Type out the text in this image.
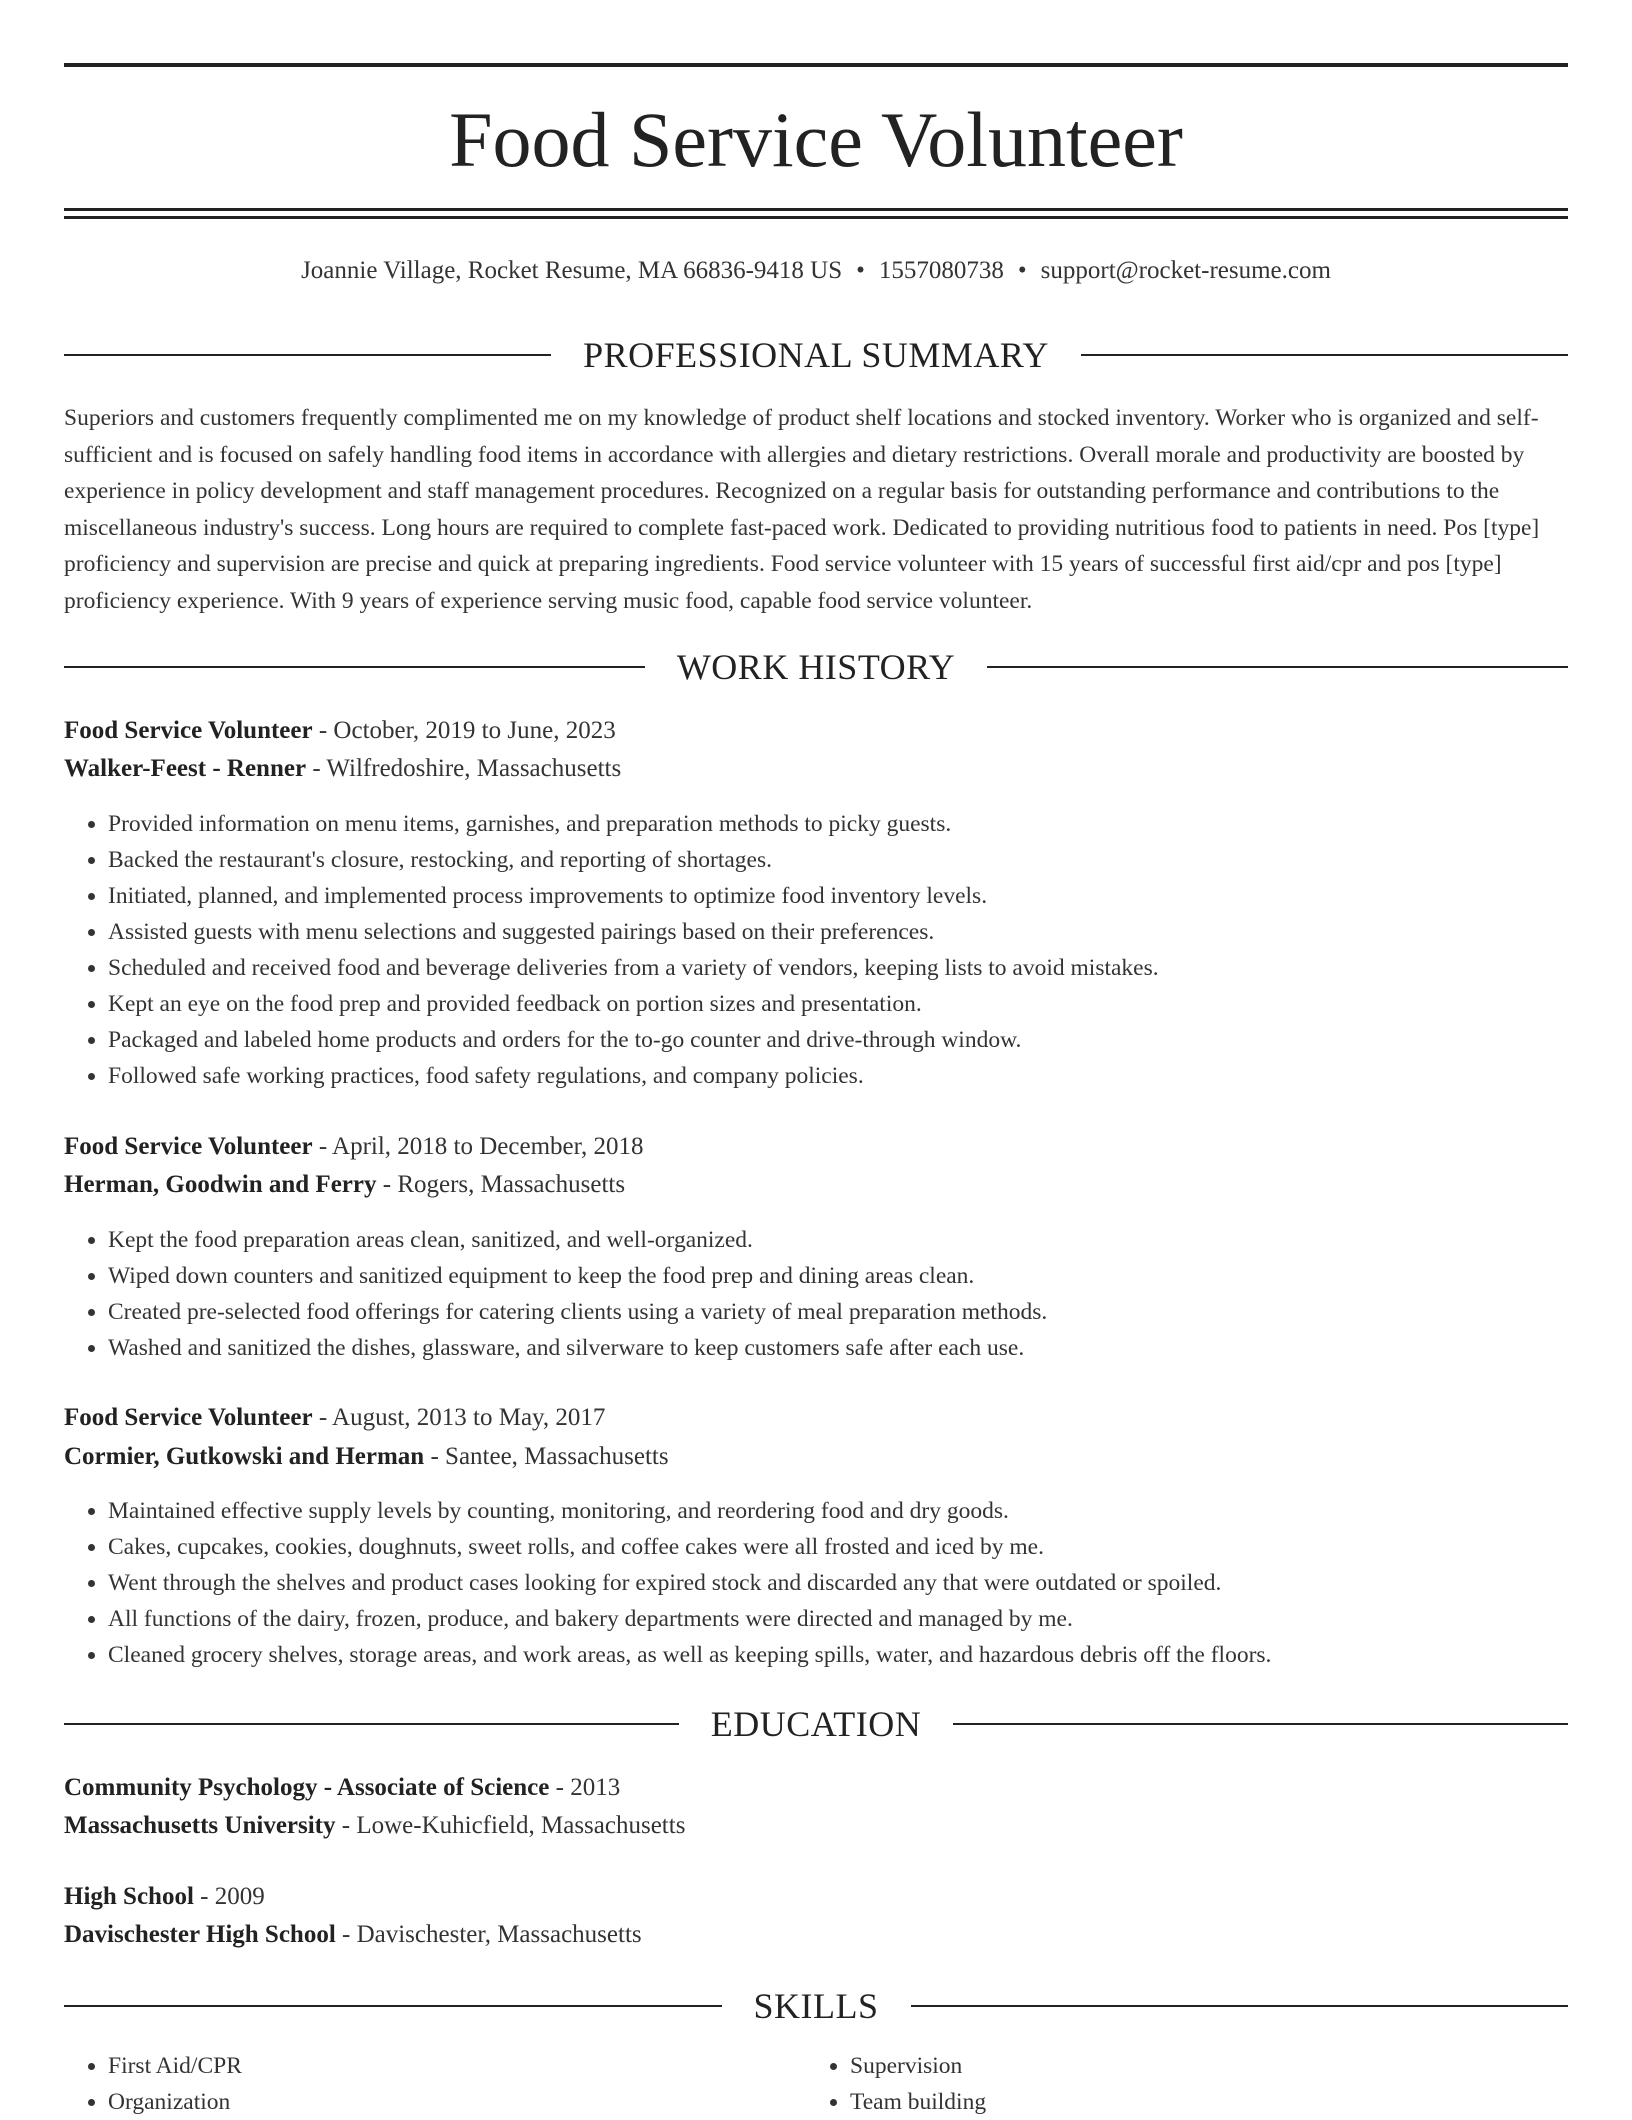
Food Service Volunteer
Joannie Village, Rocket Resume, MA 66836-9418 US • 1557080738 • support@rocket-resume.com
PROFESSIONAL SUMMARY

Superiors and customers frequently complimented me on my knowledge of product shelf locations and stocked inventory. Worker who is organized and self-sufficient and is focused on safely handling food items in accordance with allergies and dietary restrictions. Overall morale and productivity are boosted by experience in policy development and staff management procedures. Recognized on a regular basis for outstanding performance and contributions to the miscellaneous industry's success. Long hours are required to complete fast-paced work. Dedicated to providing nutritious food to patients in need. Pos [type] proficiency and supervision are precise and quick at preparing ingredients. Food service volunteer with 15 years of successful first aid/cpr and pos [type] proficiency experience. With 9 years of experience serving music food, capable food service volunteer.

WORK HISTORY
Food Service Volunteer - October, 2019 to June, 2023
Walker-Feest - Renner - Wilfredoshire, Massachusetts
• Provided information on menu items, garnishes, and preparation methods to picky guests.
• Backed the restaurant's closure, restocking, and reporting of shortages.
• Initiated, planned, and implemented process improvements to optimize food inventory levels.
• Assisted guests with menu selections and suggested pairings based on their preferences.
• Scheduled and received food and beverage deliveries from a variety of vendors, keeping lists to avoid mistakes.
• Kept an eye on the food prep and provided feedback on portion sizes and presentation.
• Packaged and labeled home products and orders for the to-go counter and drive-through window.
• Followed safe working practices, food safety regulations, and company policies.
Food Service Volunteer - April, 2018 to December, 2018
Herman, Goodwin and Ferry - Rogers, Massachusetts
• Kept the food preparation areas clean, sanitized, and well-organized.
• Wiped down counters and sanitized equipment to keep the food prep and dining areas clean.
• Created pre-selected food offerings for catering clients using a variety of meal preparation methods.
• Washed and sanitized the dishes, glassware, and silverware to keep customers safe after each use.
Food Service Volunteer - August, 2013 to May, 2017
Cormier, Gutkowski and Herman - Santee, Massachusetts
• Maintained effective supply levels by counting, monitoring, and reordering food and dry goods.
• Cakes, cupcakes, cookies, doughnuts, sweet rolls, and coffee cakes were all frosted and iced by me.
• Went through the shelves and product cases looking for expired stock and discarded any that were outdated or spoiled.
• All functions of the dairy, frozen, produce, and bakery departments were directed and managed by me.
• Cleaned grocery shelves, storage areas, and work areas, as well as keeping spills, water, and hazardous debris off the floors.
EDUCATION
Community Psychology - Associate of Science - 2013
Massachusetts University - Lowe-Kuhicfield, Massachusetts
High School - 2009
Davischester High School - Davischester, Massachusetts
SKILLS
• First Aid/CPR
• Organization
• Supervision
• Team building
